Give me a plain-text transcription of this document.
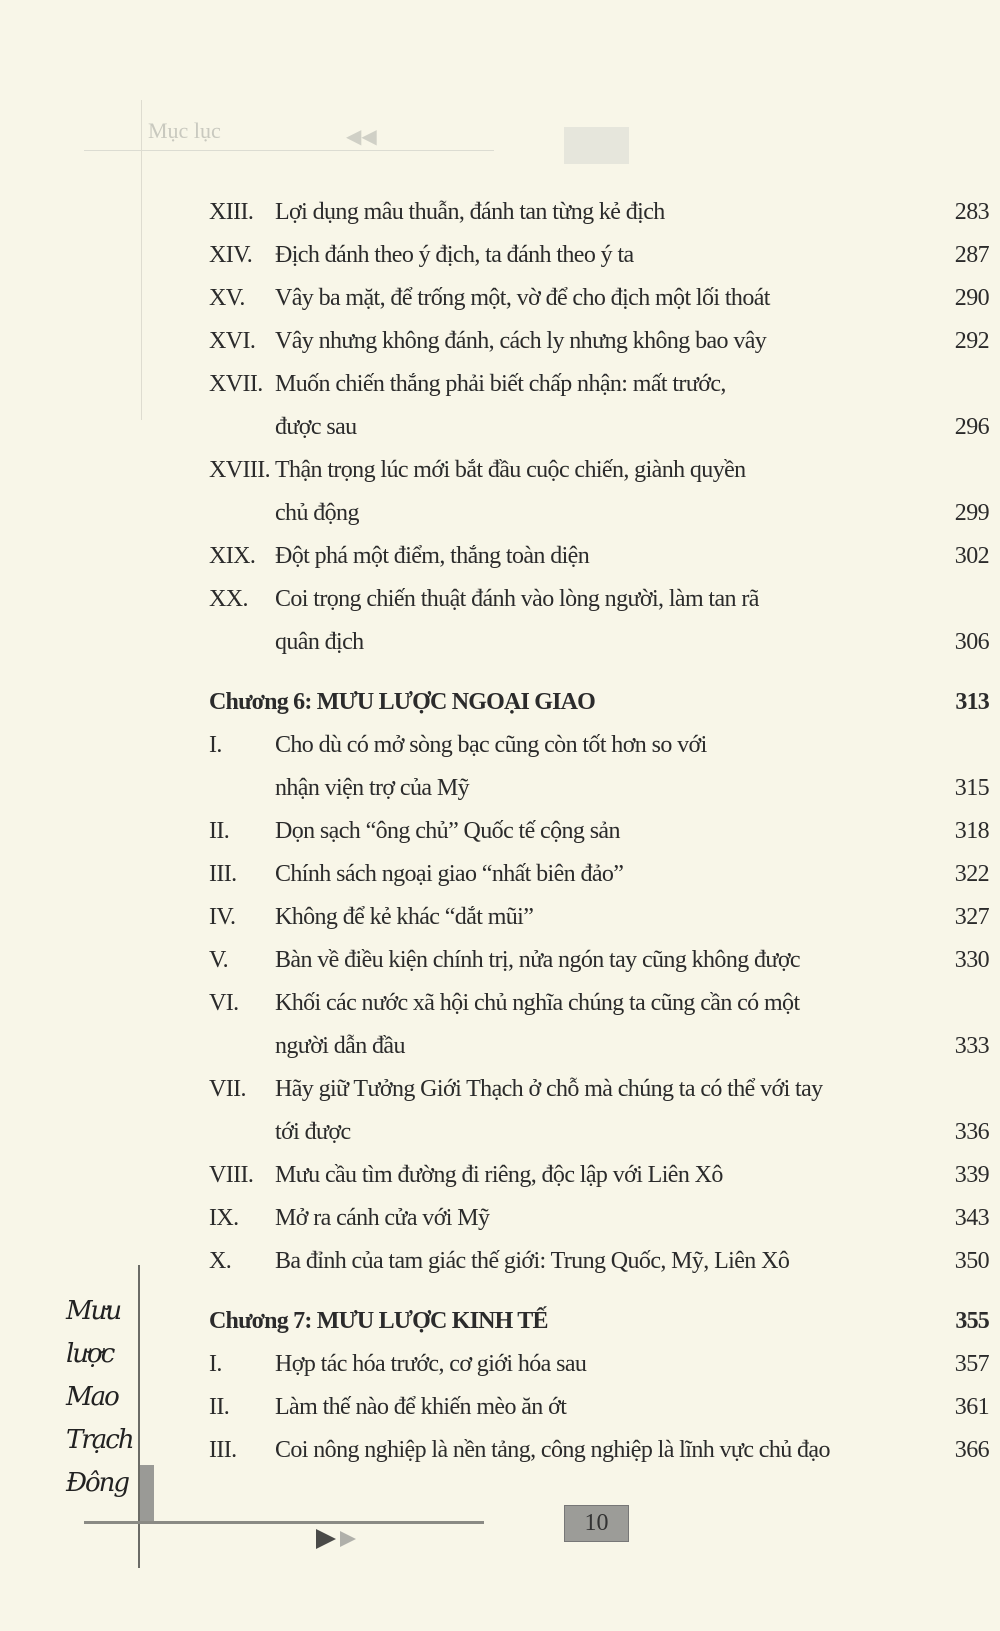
Mục lục	◀◀
XIII. Lợi dụng mâu thuẫn, đánh tan từng kẻ địch	283
XIV. Địch đánh theo ý địch, ta đánh theo ý ta	287
XV. Vây ba mặt, để trống một, vờ để cho địch một lối thoát	290
XVI. Vây nhưng không đánh, cách ly nhưng không bao vây	292
XVII. Muốn chiến thắng phải biết chấp nhận: mất trước,
được sau	296
XVIII. Thận trọng lúc mới bắt đầu cuộc chiến, giành quyền
chủ động	299
XIX. Đột phá một điểm, thắng toàn diện	302
XX. Coi trọng chiến thuật đánh vào lòng người, làm tan rã
quân địch	306
Chương 6: MƯU LƯỢC NGOẠI GIAO	313
I. Cho dù có mở sòng bạc cũng còn tốt hơn so với
nhận viện trợ của Mỹ	315
II. Dọn sạch “ông chủ” Quốc tế cộng sản	318
III. Chính sách ngoại giao “nhất biên đảo”	322
IV. Không để kẻ khác “dắt mũi”	327
V. Bàn về điều kiện chính trị, nửa ngón tay cũng không được	330
VI. Khối các nước xã hội chủ nghĩa chúng ta cũng cần có một
người dẫn đầu	333
VII. Hãy giữ Tưởng Giới Thạch ở chỗ mà chúng ta có thể với tay
tới được	336
VIII. Mưu cầu tìm đường đi riêng, độc lập với Liên Xô	339
IX. Mở ra cánh cửa với Mỹ	343
X. Ba đỉnh của tam giác thế giới: Trung Quốc, Mỹ, Liên Xô	350
Chương 7: MƯU LƯỢC KINH TẾ	355
I. Hợp tác hóa trước, cơ giới hóa sau	357
II. Làm thế nào để khiến mèo ăn ớt	361
III. Coi nông nghiệp là nền tảng, công nghiệp là lĩnh vực chủ đạo	366
Mưu
lược
Mao
Trạch
Đông
10
